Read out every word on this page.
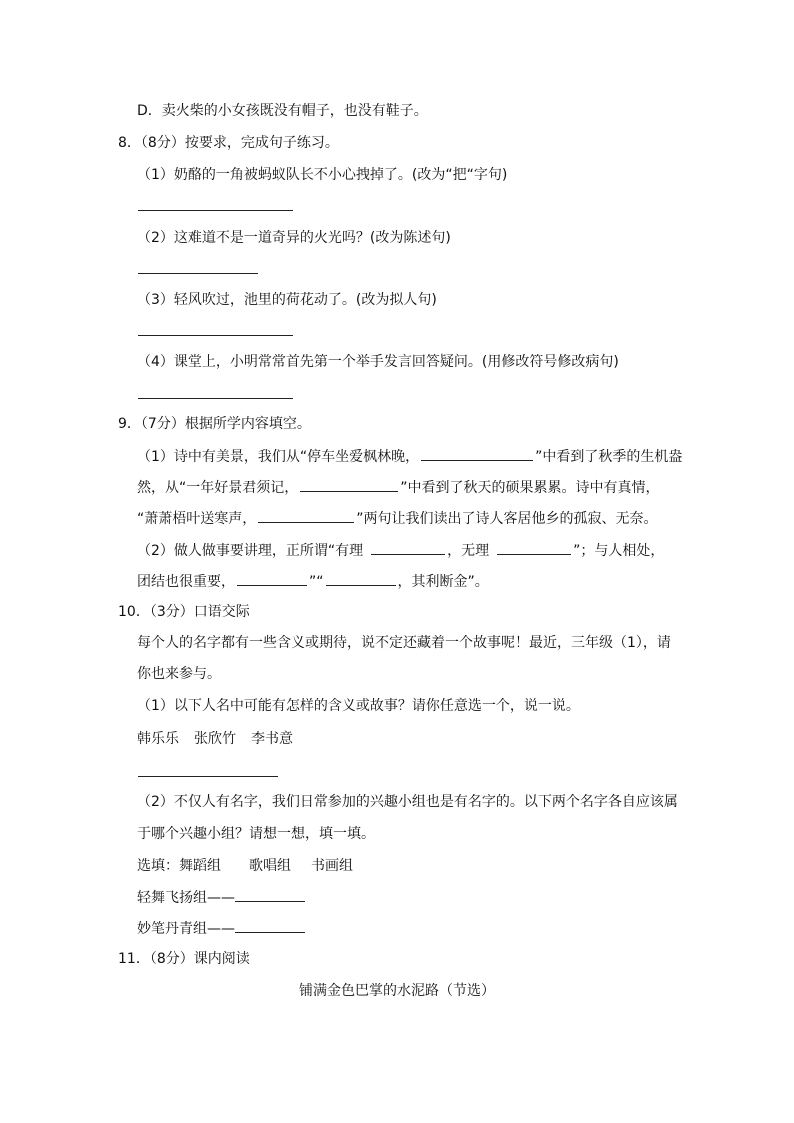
D．卖火柴的小女孩既没有帽子，也没有鞋子。
8．（8分）按要求，完成句子练习。
（1）奶酪的一角被蚂蚁队长不小心拽掉了。(改为“把“字句)
（2）这难道不是一道奇异的火光吗？(改为陈述句)
（3）轻风吹过，池里的荷花动了。(改为拟人句)
（4）课堂上，小明常常首先第一个举手发言回答疑问。(用修改符号修改病句)
9．（7分）根据所学内容填空。
（1）诗中有美景，我们从“停车坐爱枫林晚，	”中看到了秋季的生机盎
然，从“一年好景君须记，	”中看到了秋天的硕果累累。诗中有真情，
“萧萧梧叶送寒声，	”两句让我们读出了诗人客居他乡的孤寂、无奈。
（2）做人做事要讲理，正所谓“有理	，无理	”；与人相处，
团结也很重要，	”“	，其利断金”。
10．（3分）口语交际
每个人的名字都有一些含义或期待，说不定还藏着一个故事呢！最近，三年级（1），请
你也来参与。
（1）以下人名中可能有怎样的含义或故事？请你任意选一个，说一说。
韩乐乐 张欣竹 李书意
（2）不仅人有名字，我们日常参加的兴趣小组也是有名字的。以下两个名字各自应该属
于哪个兴趣小组？请想一想，填一填。
选填：舞蹈组 歌唱组 书画组
轻舞飞扬组——
妙笔丹青组——
11．（8分）课内阅读
铺满金色巴掌的水泥路（节选）
